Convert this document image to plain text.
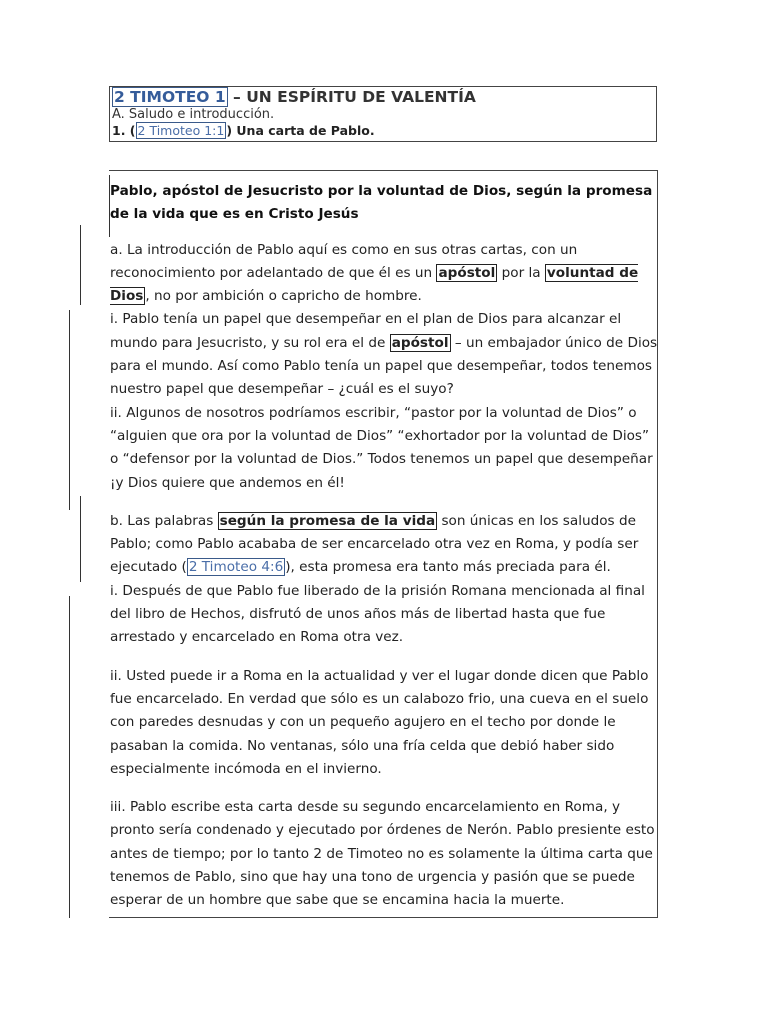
2 TIMOTEO 1 – UN ESPÍRITU DE VALENTÍA
A. Saludo e introducción.
1. ( 2 Timoteo 1:1 ) Una carta de Pablo.

Pablo, apóstol de Jesucristo por la voluntad de Dios, según la promesa de la vida que es en Cristo Jesús

a. La introducción de Pablo aquí es como en sus otras cartas, con un reconocimiento por adelantado de que él es un apóstol por la voluntad de Dios , no por ambición o capricho de hombre.

i. Pablo tenía un papel que desempeñar en el plan de Dios para alcanzar el mundo para Jesucristo, y su rol era el de apóstol – un embajador único de Dios para el mundo. Así como Pablo tenía un papel que desempeñar, todos tenemos nuestro papel que desempeñar – ¿cuál es el suyo?

ii. Algunos de nosotros podríamos escribir, “pastor por la voluntad de Dios” o “alguien que ora por la voluntad de Dios” “exhortador por la voluntad de Dios” o “defensor por la voluntad de Dios.” Todos tenemos un papel que desempeñar ¡y Dios quiere que andemos en él!

b. Las palabras según la promesa de la vida son únicas en los saludos de Pablo; como Pablo acababa de ser encarcelado otra vez en Roma, y podía ser ejecutado ( 2 Timoteo 4:6 ), esta promesa era tanto más preciada para él.

i. Después de que Pablo fue liberado de la prisión Romana mencionada al final del libro de Hechos, disfrutó de unos años más de libertad hasta que fue arrestado y encarcelado en Roma otra vez.

ii. Usted puede ir a Roma en la actualidad y ver el lugar donde dicen que Pablo fue encarcelado. En verdad que sólo es un calabozo frio, una cueva en el suelo con paredes desnudas y con un pequeño agujero en el techo por donde le pasaban la comida. No ventanas, sólo una fría celda que debió haber sido especialmente incómoda en el invierno.

iii. Pablo escribe esta carta desde su segundo encarcelamiento en Roma, y pronto sería condenado y ejecutado por órdenes de Nerón. Pablo presiente esto antes de tiempo; por lo tanto 2 de Timoteo no es solamente la última carta que tenemos de Pablo, sino que hay una tono de urgencia y pasión que se puede esperar de un hombre que sabe que se encamina hacia la muerte.
